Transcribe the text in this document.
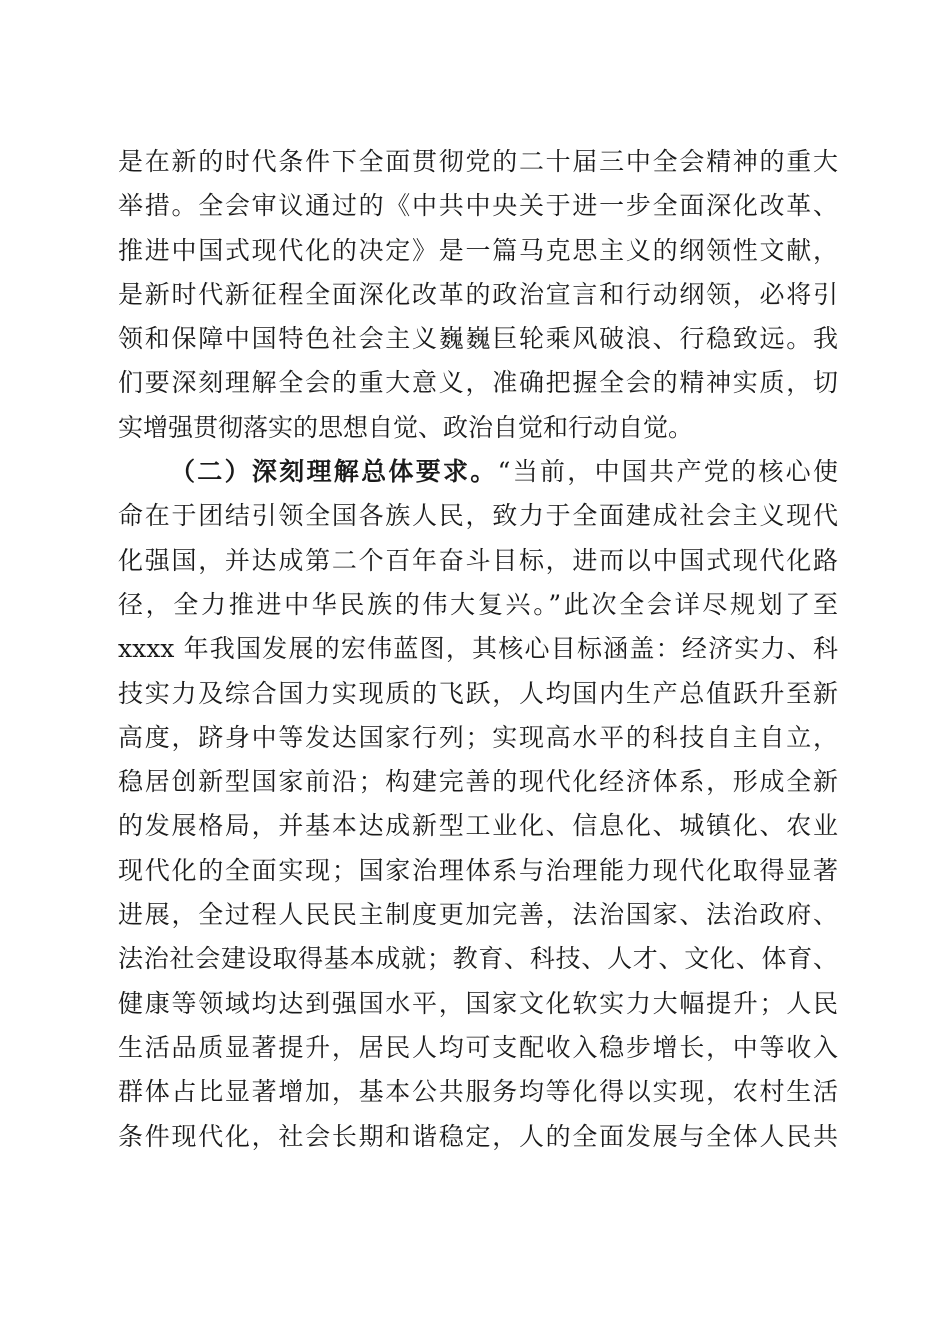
是在新的时代条件下全面贯彻党的二十届三中全会精神的重大
举措。全会审议通过的《中共中央关于进一步全面深化改革、
推进中国式现代化的决定》是一篇马克思主义的纲领性文献，
是新时代新征程全面深化改革的政治宣言和行动纲领，必将引
领和保障中国特色社会主义巍巍巨轮乘风破浪、行稳致远。我
们要深刻理解全会的重大意义，准确把握全会的精神实质，切
实增强贯彻落实的思想自觉、政治自觉和行动自觉。
（二）深刻理解总体要求。“当前，中国共产党的核心使
命在于团结引领全国各族人民，致力于全面建成社会主义现代
化强国，并达成第二个百年奋斗目标，进而以中国式现代化路
径，全力推进中华民族的伟大复兴。”此次全会详尽规划了至
xxxx 年我国发展的宏伟蓝图，其核心目标涵盖：经济实力、科
技实力及综合国力实现质的飞跃，人均国内生产总值跃升至新
高度，跻身中等发达国家行列；实现高水平的科技自主自立，
稳居创新型国家前沿；构建完善的现代化经济体系，形成全新
的发展格局，并基本达成新型工业化、信息化、城镇化、农业
现代化的全面实现；国家治理体系与治理能力现代化取得显著
进展，全过程人民民主制度更加完善，法治国家、法治政府、
法治社会建设取得基本成就；教育、科技、人才、文化、体育、
健康等领域均达到强国水平，国家文化软实力大幅提升；人民
生活品质显著提升，居民人均可支配收入稳步增长，中等收入
群体占比显著增加，基本公共服务均等化得以实现，农村生活
条件现代化，社会长期和谐稳定，人的全面发展与全体人民共
